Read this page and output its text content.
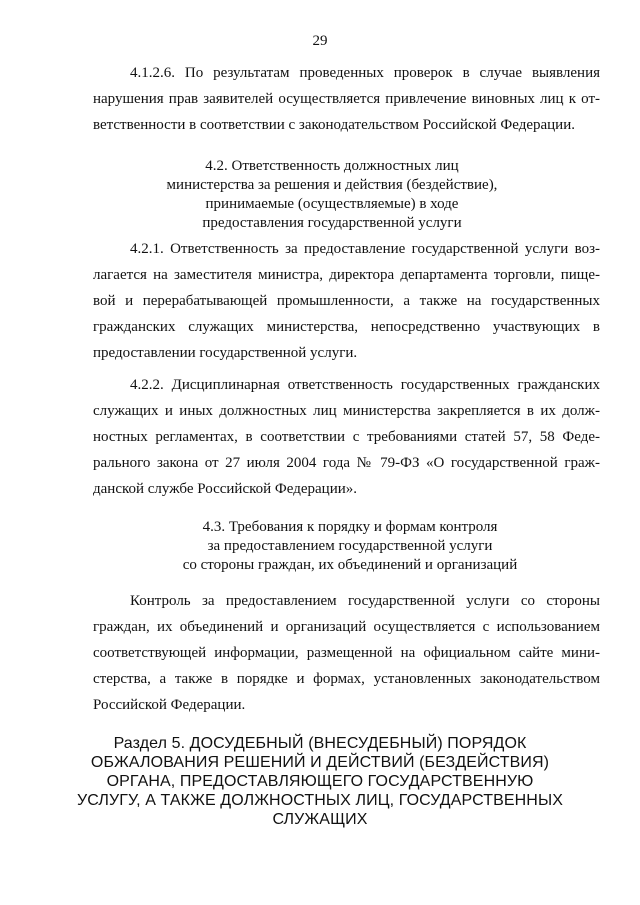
29
4.1.2.6. По результатам проведенных проверок в случае выявления
нарушения прав заявителей осуществляется привлечение виновных лиц к от-
ветственности в соответствии с законодательством Российской Федерации.
4.2. Ответственность должностных лиц
министерства за решения и действия (бездействие),
принимаемые (осуществляемые) в ходе
предоставления государственной услуги
4.2.1. Ответственность за предоставление государственной услуги воз-
лагается на заместителя министра, директора департамента торговли, пище-
вой и перерабатывающей промышленности, а также на государственных
гражданских служащих министерства, непосредственно участвующих в
предоставлении государственной услуги.
4.2.2. Дисциплинарная ответственность государственных гражданских
служащих и иных должностных лиц министерства закрепляется в их долж-
ностных регламентах, в соответствии с требованиями статей 57, 58 Феде-
рального закона от 27 июля 2004 года № 79-ФЗ «О государственной граж-
данской службе Российской Федерации».
4.3. Требования к порядку и формам контроля
за предоставлением государственной услуги
со стороны граждан, их объединений и организаций
Контроль за предоставлением государственной услуги со стороны
граждан, их объединений и организаций осуществляется с использованием
соответствующей информации, размещенной на официальном сайте мини-
стерства, а также в порядке и формах, установленных законодательством
Российской Федерации.
Раздел 5. ДОСУДЕБНЫЙ (ВНЕСУДЕБНЫЙ) ПОРЯДОК
ОБЖАЛОВАНИЯ РЕШЕНИЙ И ДЕЙСТВИЙ (БЕЗДЕЙСТВИЯ)
ОРГАНА, ПРЕДОСТАВЛЯЮЩЕГО ГОСУДАРСТВЕННУЮ
УСЛУГУ, А ТАКЖЕ ДОЛЖНОСТНЫХ ЛИЦ, ГОСУДАРСТВЕННЫХ
СЛУЖАЩИХ
